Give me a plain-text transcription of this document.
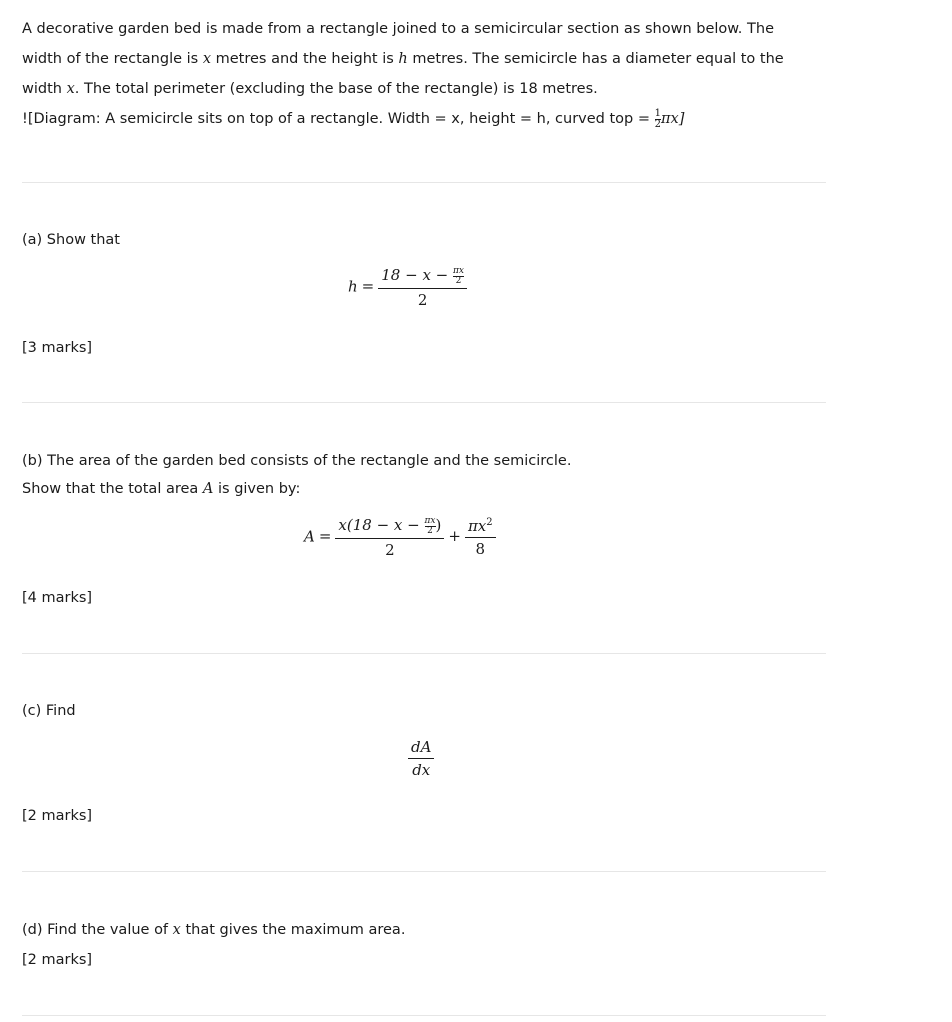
A decorative garden bed is made from a rectangle joined to a semicircular section as shown below. The

width of the rectangle is x metres and the height is h metres. The semicircle has a diameter equal to the

width x. The total perimeter (excluding the base of the rectangle) is 18 metres.

![Diagram: A semicircle sits on top of a rectangle. Width = x, height = h, curved top = $\frac{1}{2} \pi x$]

(a) Show that

$h = \frac{18 - x - \frac{\pi x}{2}}{2}$
[3 marks]

(b) The area of the garden bed consists of the rectangle and the semicircle.

Show that the total area A is given by:

$A = \frac{x(18 - x - \frac{\pi x}{2} )}{2} + \frac{\pi x^2}{8}$
[4 marks]

(c) Find

$\frac{dA}{dx}$
[2 marks]

(d) Find the value of x that gives the maximum area.

[2 marks]
